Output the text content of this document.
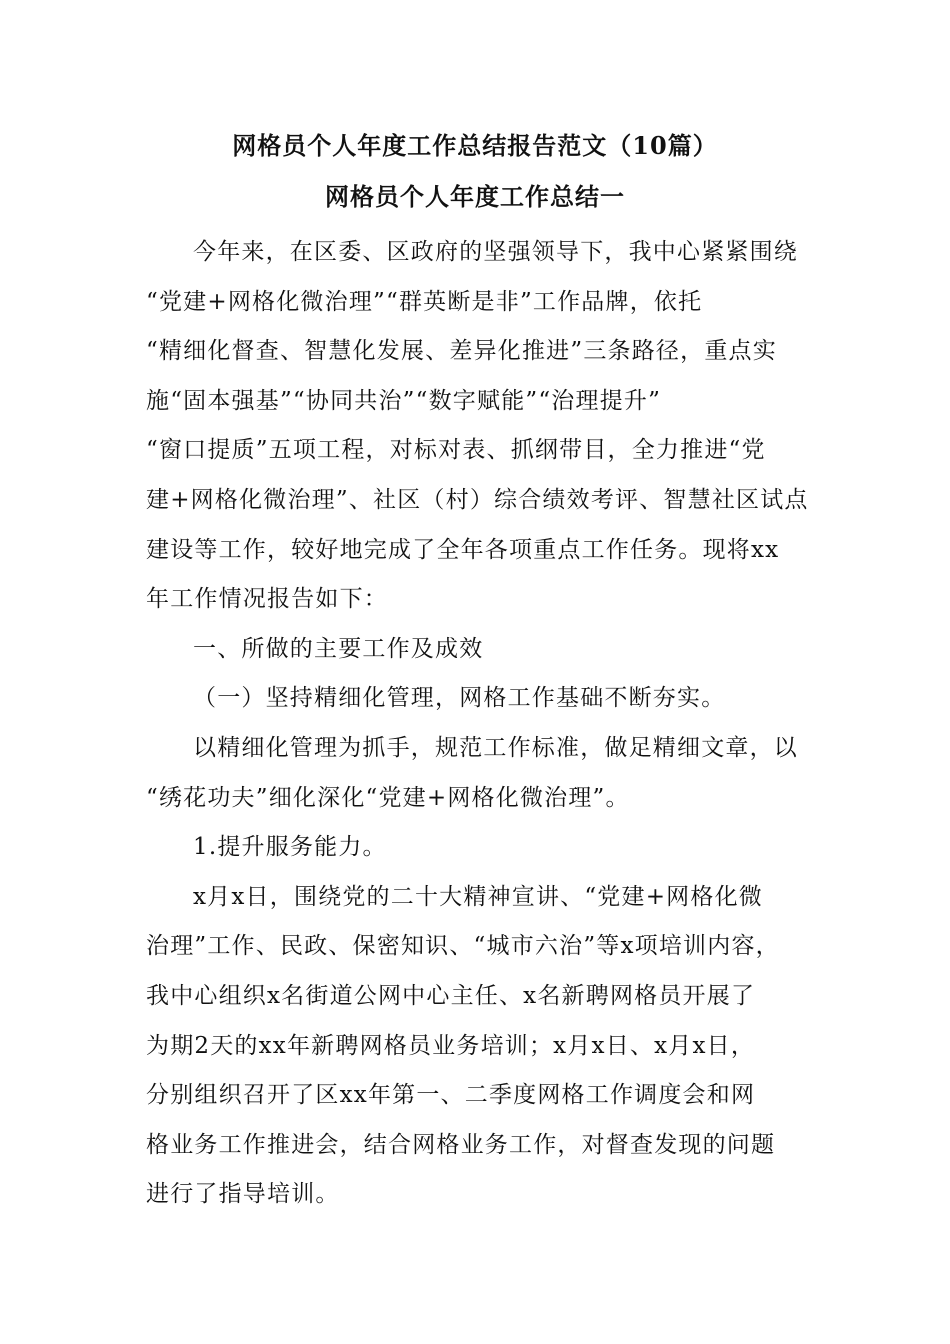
网格员个人年度工作总结报告范文（10篇）
网格员个人年度工作总结一
今年来，在区委、区政府的坚强领导下，我中心紧紧围绕
“党建+网格化微治理”“群英断是非”工作品牌，依托
“精细化督查、智慧化发展、差异化推进”三条路径，重点实
施“固本强基”“协同共治”“数字赋能”“治理提升”
“窗口提质”五项工程，对标对表、抓纲带目，全力推进“党
建+网格化微治理”、社区（村）综合绩效考评、智慧社区试点
建设等工作，较好地完成了全年各项重点工作任务。现将xx
年工作情况报告如下：
一、所做的主要工作及成效
（一）坚持精细化管理，网格工作基础不断夯实。
以精细化管理为抓手，规范工作标准，做足精细文章，以
“绣花功夫”细化深化“党建+网格化微治理”。
1.提升服务能力。
x月x日，围绕党的二十大精神宣讲、“党建+网格化微
治理”工作、民政、保密知识、“城市六治”等x项培训内容，
我中心组织x名街道公网中心主任、x名新聘网格员开展了
为期2天的xx年新聘网格员业务培训；x月x日、x月x日，
分别组织召开了区xx年第一、二季度网格工作调度会和网
格业务工作推进会，结合网格业务工作，对督查发现的问题
进行了指导培训。
